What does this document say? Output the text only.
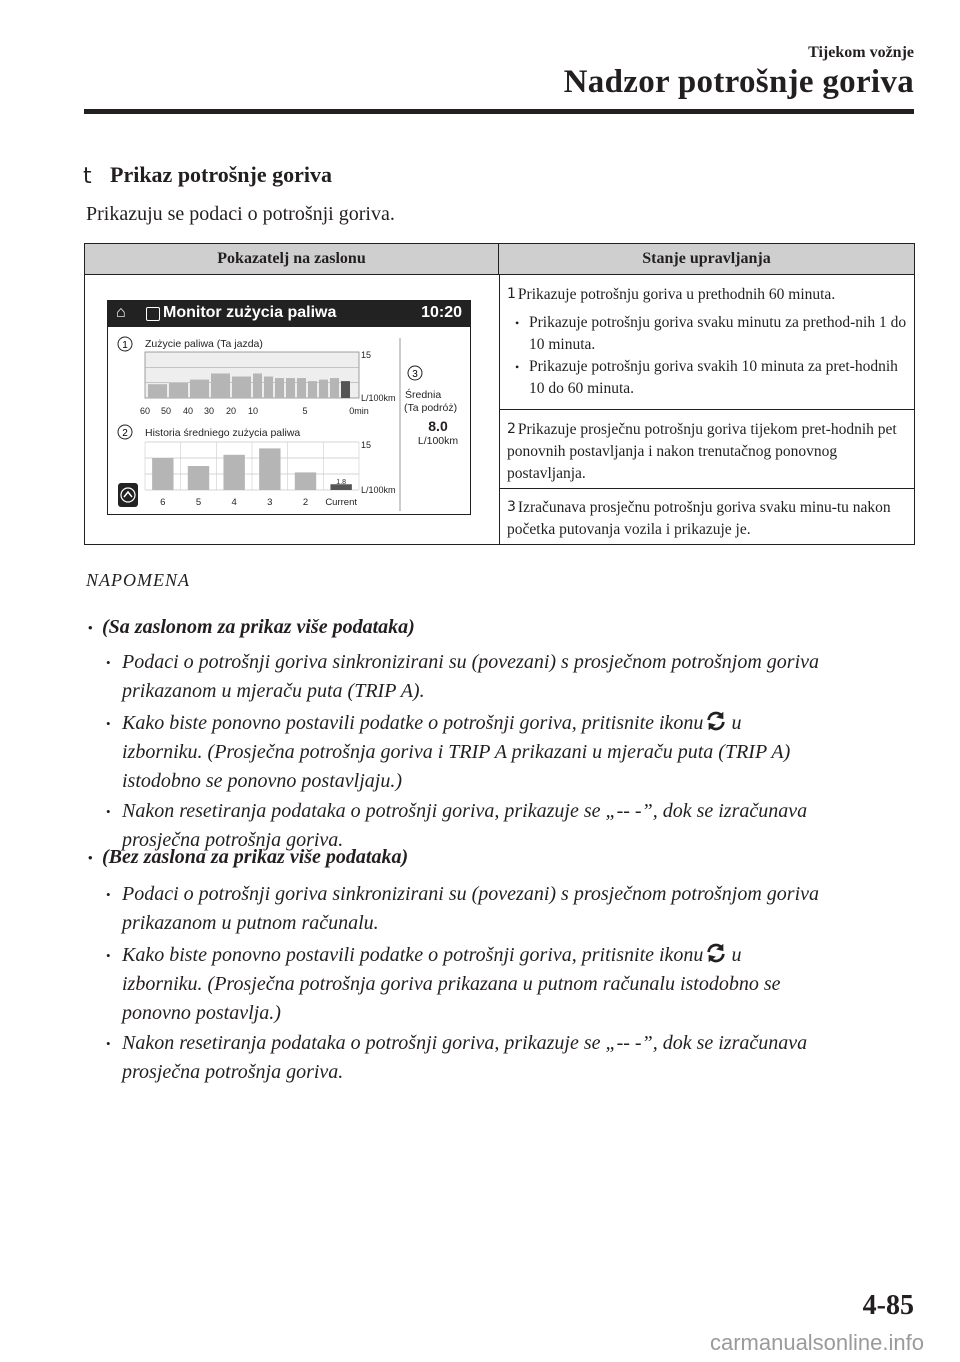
Tijekom vožnje
Nadzor potrošnje goriva
t Prikaz potrošnje goriva
Prikazuju se podaci o potrošnji goriva.
Pokazatelj na zaslonu	Stanje upravljanja
1 Prikazuje potrošnju goriva u prethodnih 60 minuta.
• Prikazuje potrošnju goriva svaku minutu za prethod-nih 1 do 10 minuta.
• Prikazuje potrošnju goriva svakih 10 minuta za pret-hodnih 10 do 60 minuta.
2 Prikazuje prosječnu potrošnju goriva tijekom pret-hodnih pet ponovnih postavljanja i nakon trenutačnog ponovnog postavljanja.
3 Izračunava prosječnu potrošnju goriva svaku minu-tu nakon početka putovanja vozila i prikazuje je.
⌂ Monitor zużycia paliwa	10:20
1
2
3
Zużycie paliwa (Ta jazda)
15
L/100km
60 50 40 30 20 10	5	0min
Średnia
(Ta podróż)
8.0
L/100km
Historia średniego zużycia paliwa
15
L/100km
1.8
6	5	4	3	2 Current
NAPOMENA
• (Sa zaslonom za prikaz više podataka)
• Podaci o potrošnji goriva sinkronizirani su (povezani) s prosječnom potrošnjom goriva
prikazanom u mjeraču puta (TRIP A).
• Kako biste ponovno postavili podatke o potrošnji goriva, pritisnite ikonu u
izborniku. (Prosječna potrošnja goriva i TRIP A prikazani u mjeraču puta (TRIP A)
istodobno se ponovno postavljaju.)
• Nakon resetiranja podataka o potrošnji goriva, prikazuje se „-- -”, dok se izračunava
prosječna potrošnja goriva.
• (Bez zaslona za prikaz više podataka)
• Podaci o potrošnji goriva sinkronizirani su (povezani) s prosječnom potrošnjom goriva
prikazanom u putnom računalu.
• Kako biste ponovno postavili podatke o potrošnji goriva, pritisnite ikonu u
izborniku. (Prosječna potrošnja goriva prikazana u putnom računalu istodobno se
ponovno postavlja.)
• Nakon resetiranja podataka o potrošnji goriva, prikazuje se „-- -”, dok se izračunava
prosječna potrošnja goriva.
4-85
carmanualsonline.info
